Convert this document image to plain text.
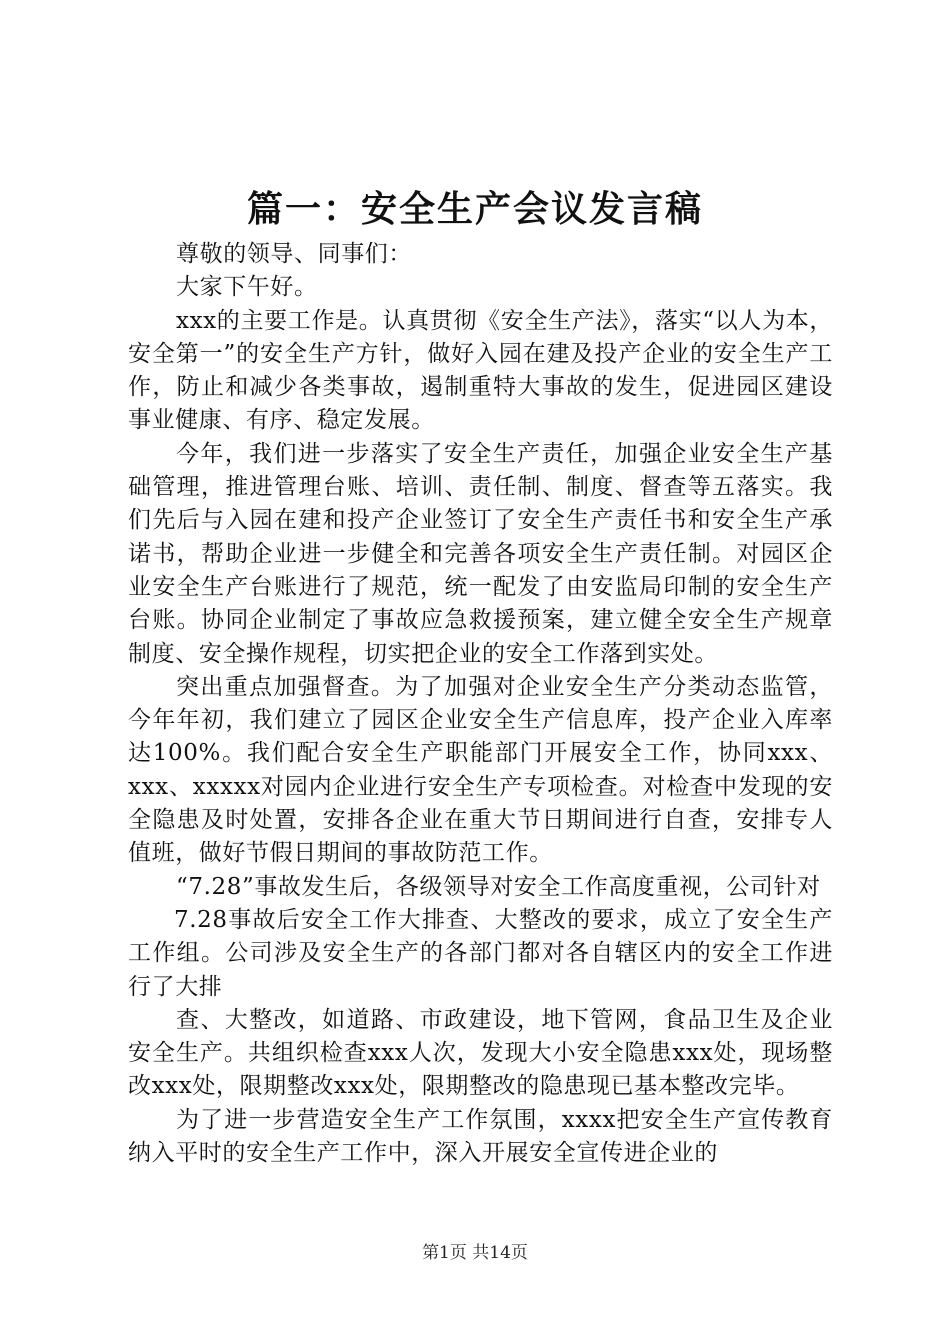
篇一：安全生产会议发言稿

尊敬的领导、同事们：

大家下午好。

xxx的主要工作是。认真贯彻《安全生产法》，落实“以人为本，安全第一”的安全生产方针，做好入园在建及投产企业的安全生产工作，防止和减少各类事故，遏制重特大事故的发生，促进园区建设事业健康、有序、稳定发展。

今年，我们进一步落实了安全生产责任，加强企业安全生产基础管理，推进管理台账、培训、责任制、制度、督查等五落实。我们先后与入园在建和投产企业签订了安全生产责任书和安全生产承诺书，帮助企业进一步健全和完善各项安全生产责任制。对园区企业安全生产台账进行了规范，统一配发了由安监局印制的安全生产台账。协同企业制定了事故应急救援预案，建立健全安全生产规章制度、安全操作规程，切实把企业的安全工作落到实处。

突出重点加强督查。为了加强对企业安全生产分类动态监管，今年年初，我们建立了园区企业安全生产信息库，投产企业入库率达100%。我们配合安全生产职能部门开展安全工作，协同xxx、xxx、xxxxx对园内企业进行安全生产专项检查。对检查中发现的安全隐患及时处置，安排各企业在重大节日期间进行自查，安排专人值班，做好节假日期间的事故防范工作。

“7.28”事故发生后，各级领导对安全工作高度重视，公司针对

7.28事故后安全工作大排查、大整改的要求，成立了安全生产工作组。公司涉及安全生产的各部门都对各自辖区内的安全工作进行了大排

查、大整改，如道路、市政建设，地下管网，食品卫生及企业安全生产。共组织检查xxx人次，发现大小安全隐患xxx处，现场整改xxx处，限期整改xxx处，限期整改的隐患现已基本整改完毕。

为了进一步营造安全生产工作氛围，xxxx把安全生产宣传教育纳入平时的安全生产工作中，深入开展安全宣传进企业的

第1页 共14页
